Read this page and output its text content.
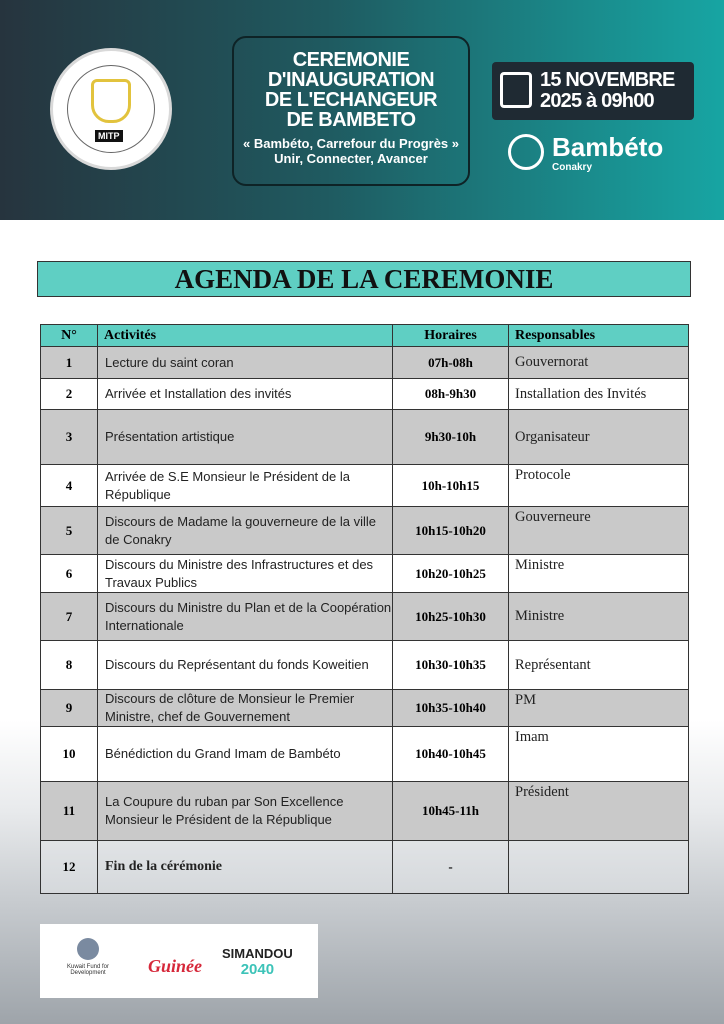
MITP
CEREMONIE
D'INAUGURATION
DE L'ECHANGEUR
DE BAMBETO
« Bambéto, Carrefour du Progrès »
Unir, Connecter, Avancer
15 NOVEMBRE
2025 à 09h00
Bambéto
Conakry
AGENDA DE LA CEREMONIE
N°	Activités	Horaires	Responsables
1	Lecture du saint coran	07h-08h	Gouvernorat
2	Arrivée et Installation des invités	08h-9h30	Installation des Invités
3	Présentation artistique	9h30-10h	Organisateur
4	Arrivée de S.E Monsieur le Président de la République	10h-10h15	Protocole
5	Discours de Madame la gouverneure de la ville de Conakry	10h15-10h20	Gouverneure
6	Discours du Ministre des Infrastructures et des Travaux Publics	10h20-10h25	Ministre
7	Discours du Ministre du Plan et de la Coopération Internationale	10h25-10h30	Ministre
8	Discours du Représentant du fonds Koweitien	10h30-10h35	Représentant
9	Discours de clôture de Monsieur le Premier Ministre, chef de Gouvernement	10h35-10h40	PM
10	Bénédiction du Grand Imam de Bambéto	10h40-10h45	Imam
11	La Coupure du ruban par Son Excellence Monsieur le Président de la République	10h45-11h	Président
12	Fin de la cérémonie	-	
Kuwait Fund for Development	Guinée
SIMANDOU
2040
